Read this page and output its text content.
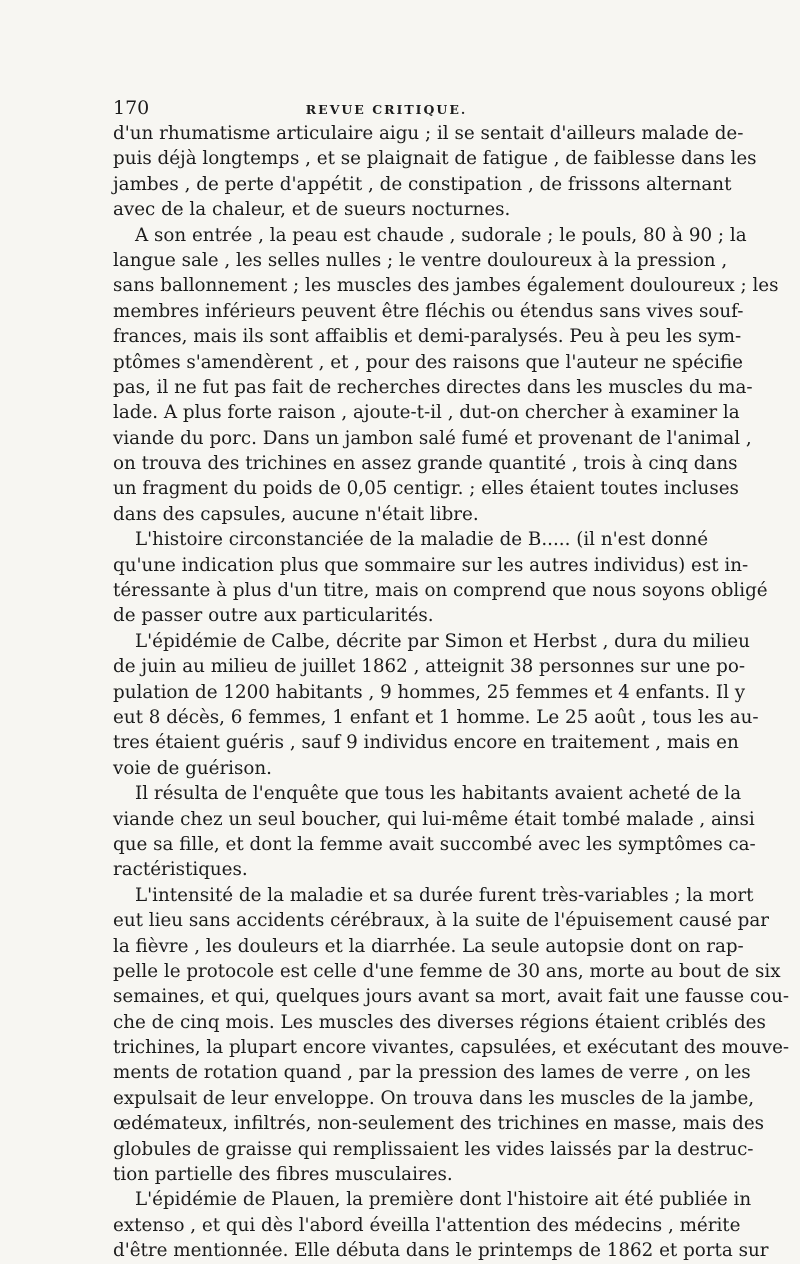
170	REVUE CRITIQUE.
d'un rhumatisme articulaire aigu ; il se sentait d'ailleurs malade de-
puis déjà longtemps , et se plaignait de fatigue , de faiblesse dans les
jambes , de perte d'appétit , de constipation , de frissons alternant
avec de la chaleur, et de sueurs nocturnes.
A son entrée , la peau est chaude , sudorale ; le pouls, 80 à 90 ; la
langue sale , les selles nulles ; le ventre douloureux à la pression ,
sans ballonnement ; les muscles des jambes également douloureux ; les
membres inférieurs peuvent être fléchis ou étendus sans vives souf-
frances, mais ils sont affaiblis et demi-paralysés. Peu à peu les sym-
ptômes s'amendèrent , et , pour des raisons que l'auteur ne spécifie
pas, il ne fut pas fait de recherches directes dans les muscles du ma-
lade. A plus forte raison , ajoute-t-il , dut-on chercher à examiner la
viande du porc. Dans un jambon salé fumé et provenant de l'animal ,
on trouva des trichines en assez grande quantité , trois à cinq dans
un fragment du poids de 0,05 centigr. ; elles étaient toutes incluses
dans des capsules, aucune n'était libre.
L'histoire circonstanciée de la maladie de B..... (il n'est donné
qu'une indication plus que sommaire sur les autres individus) est in-
téressante à plus d'un titre, mais on comprend que nous soyons obligé
de passer outre aux particularités.
L'épidémie de Calbe, décrite par Simon et Herbst , dura du milieu
de juin au milieu de juillet 1862 , atteignit 38 personnes sur une po-
pulation de 1200 habitants , 9 hommes, 25 femmes et 4 enfants. Il y
eut 8 décès, 6 femmes, 1 enfant et 1 homme. Le 25 août , tous les au-
tres étaient guéris , sauf 9 individus encore en traitement , mais en
voie de guérison.
Il résulta de l'enquête que tous les habitants avaient acheté de la
viande chez un seul boucher, qui lui-même était tombé malade , ainsi
que sa fille, et dont la femme avait succombé avec les symptômes ca-
ractéristiques.
L'intensité de la maladie et sa durée furent très-variables ; la mort
eut lieu sans accidents cérébraux, à la suite de l'épuisement causé par
la fièvre , les douleurs et la diarrhée. La seule autopsie dont on rap-
pelle le protocole est celle d'une femme de 30 ans, morte au bout de six
semaines, et qui, quelques jours avant sa mort, avait fait une fausse cou-
che de cinq mois. Les muscles des diverses régions étaient criblés des
trichines, la plupart encore vivantes, capsulées, et exécutant des mouve-
ments de rotation quand , par la pression des lames de verre , on les
expulsait de leur enveloppe. On trouva dans les muscles de la jambe,
œdémateux, infiltrés, non-seulement des trichines en masse, mais des
globules de graisse qui remplissaient les vides laissés par la destruc-
tion partielle des fibres musculaires.
L'épidémie de Plauen, la première dont l'histoire ait été publiée in
extenso , et qui dès l'abord éveilla l'attention des médecins , mérite
d'être mentionnée. Elle débuta dans le printemps de 1862 et porta sur
